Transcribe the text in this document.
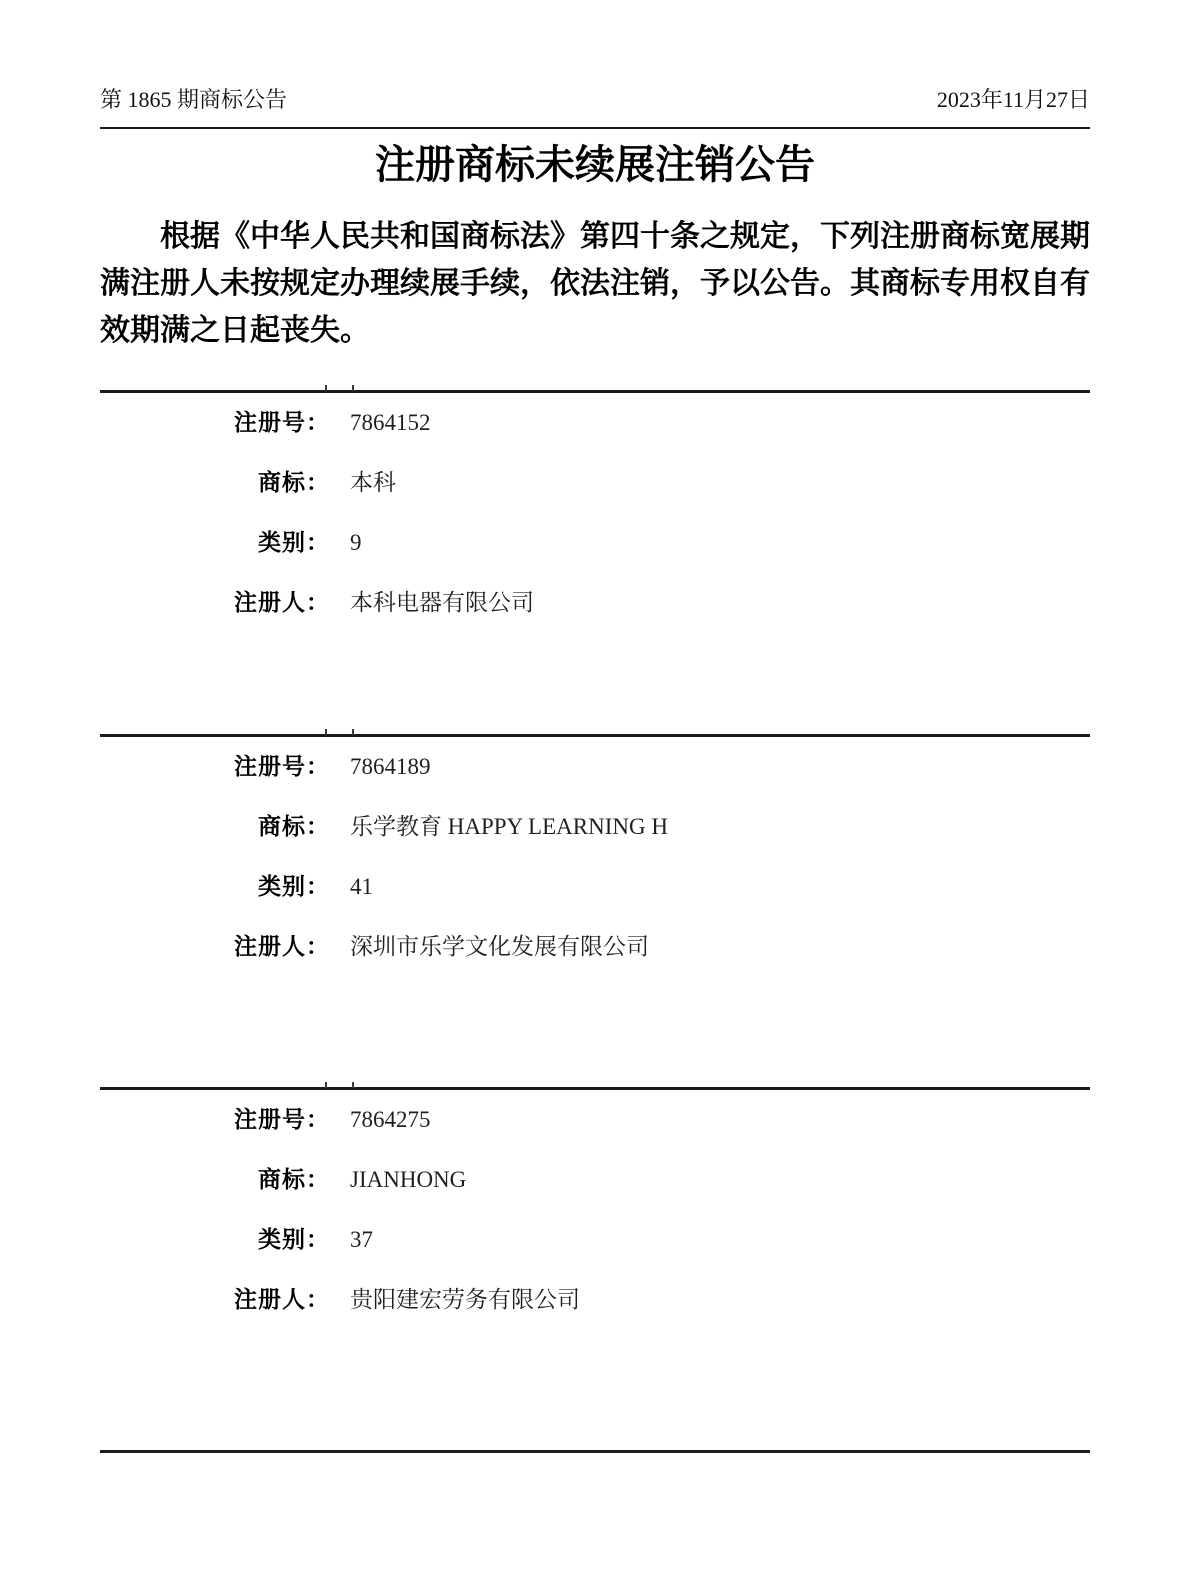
第 1865 期商标公告	2023年11月27日
注册商标未续展注销公告

根据《中华人民共和国商标法》第四十条之规定，下列注册商标宽展期满注册人未按规定办理续展手续，依法注销，予以公告。其商标专用权自有效期满之日起丧失。

注册号： 7864152
商标： 本科
类别： 9
注册人： 本科电器有限公司
注册号： 7864189
商标： 乐学教育 HAPPY LEARNING H
类别： 41
注册人： 深圳市乐学文化发展有限公司
注册号： 7864275
商标： JIANHONG
类别： 37
注册人： 贵阳建宏劳务有限公司
